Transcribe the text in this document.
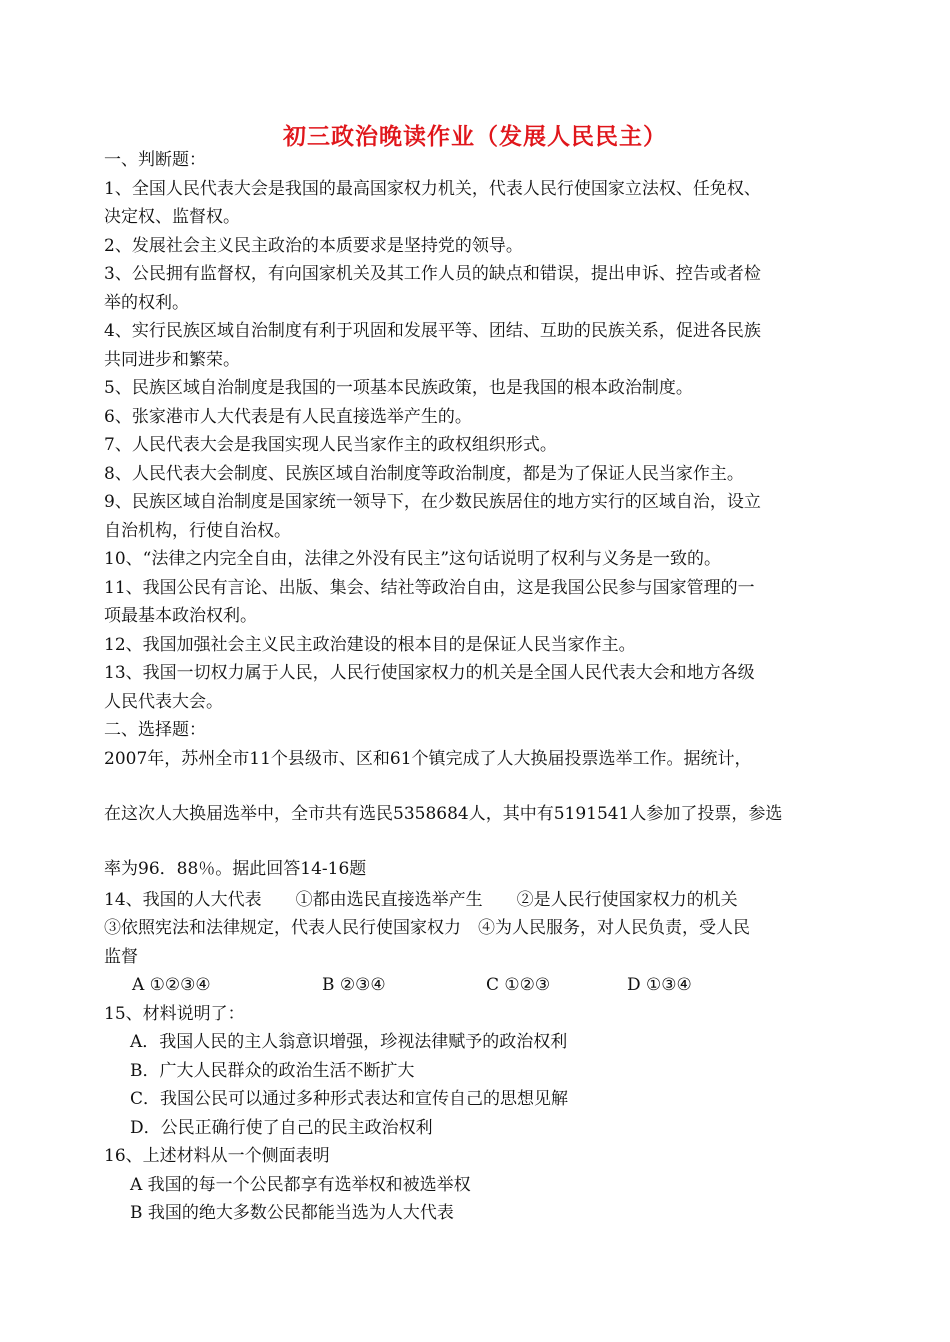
初三政治晚读作业（发展人民民主）
一、判断题：
1、全国人民代表大会是我国的最高国家权力机关，代表人民行使国家立法权、任免权、
决定权、监督权。
2、发展社会主义民主政治的本质要求是坚持党的领导。
3、公民拥有监督权，有向国家机关及其工作人员的缺点和错误，提出申诉、控告或者检
举的权利。
4、实行民族区域自治制度有利于巩固和发展平等、团结、互助的民族关系，促进各民族
共同进步和繁荣。
5、民族区域自治制度是我国的一项基本民族政策，也是我国的根本政治制度。
6、张家港市人大代表是有人民直接选举产生的。
7、人民代表大会是我国实现人民当家作主的政权组织形式。
8、人民代表大会制度、民族区域自治制度等政治制度，都是为了保证人民当家作主。
9、民族区域自治制度是国家统一领导下，在少数民族居住的地方实行的区域自治，设立
自治机构，行使自治权。
10、“法律之内完全自由，法律之外没有民主”这句话说明了权利与义务是一致的。
11、我国公民有言论、出版、集会、结社等政治自由，这是我国公民参与国家管理的一
项最基本政治权利。
12、我国加强社会主义民主政治建设的根本目的是保证人民当家作主。
13、我国一切权力属于人民，人民行使国家权力的机关是全国人民代表大会和地方各级
人民代表大会。
二、选择题：
2007年，苏州全市11个县级市、区和61个镇完成了人大换届投票选举工作。据统计，
在这次人大换届选举中，全市共有选民5358684人，其中有5191541人参加了投票，参选
率为96．88％。据此回答14-16题
14、我国的人大代表　　①都由选民直接选举产生　　②是人民行使国家权力的机关
③依照宪法和法律规定，代表人民行使国家权力　④为人民服务，对人民负责，受人民
监督
A ①②③④	B ②③④	C ①②③	D ①③④
15、材料说明了：
A．我国人民的主人翁意识增强，珍视法律赋予的政治权利
B．广大人民群众的政治生活不断扩大
C．我国公民可以通过多种形式表达和宣传自己的思想见解
D．公民正确行使了自己的民主政治权利
16、上述材料从一个侧面表明
A 我国的每一个公民都享有选举权和被选举权
B 我国的绝大多数公民都能当选为人大代表
